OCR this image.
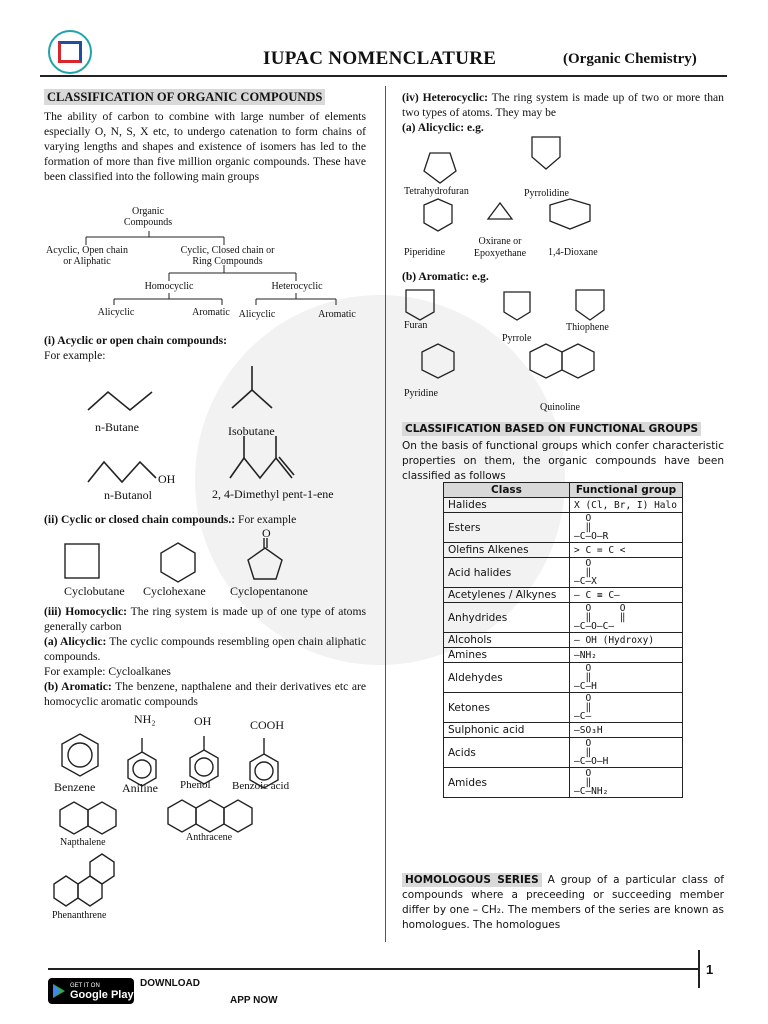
IUPAC NOMENCLATURE	(Organic Chemistry)
CLASSIFICATION OF ORGANIC COMPOUNDS

The ability of carbon to combine with large number of elements especially O, N, S, X etc, to undergo catenation to form chains of varying lengths and shapes and existence of isomers has led to the formation of more than five million organic compounds. These have been classified into the following main groups

Organic Compounds
Acyclic, Open chain or Aliphatic
Cyclic, Closed chain or Ring Compounds
Homocyclic	Heterocyclic
Alicyclic	Aromatic Alicyclic	Aromatic
(i) Acyclic or open chain compounds:
For example:
n-Butane	Isobutane
OH
n-Butanol	2, 4-Dimethyl pent-1-ene
(ii) Cyclic or closed chain compounds.: For example
O
Cyclobutane Cyclohexane Cyclopentanone

(iii) Homocyclic: The ring system is made up of one type of atoms generally carbon

(a) Alicyclic: The cyclic compounds resembling open chain aliphatic compounds.

For example: Cycloalkanes

(b) Aromatic: The benzene, napthalene and their derivatives etc are homocyclic aromatic compounds

NH₂	OH	COOH
Benzene Aniline Phenol Benzoic acid
Napthalene	Anthracene
Phenanthrene

(iv) Heterocyclic: The ring system is made up of two or more than two types of atoms. They may be

(a) Alicyclic: e.g.

Tetrahydrofuran	Pyrrolidine
Piperidine
Oxirane or Epoxyethane	1,4-Dioxane
(b) Aromatic: e.g.
Furan
Pyrrole
Thiophene
Pyridine
Quinoline
CLASSIFICATION BASED ON FUNCTIONAL GROUPS

On the basis of functional groups which confer characteristic properties on them, the organic compounds have been classified as follows

Class	Functional group
Halides	X (Cl, Br, I) Halo
Esters	O
‖
—C—O—R
Olefins Alkenes	> C = C <
Acid halides	O
‖
—C—X
Acetylenes / Alkynes	— C ≡ C—
Anhydrides	O     O
‖     ‖
—C—O—C—
Alcohols	— OH (Hydroxy)
Amines	—NH₂
Aldehydes	O
‖
—C—H
Ketones	O
‖
—C—
Sulphonic acid	—SO₃H
Acids	O
‖
—C—O—H
Amides	O
‖
—C—NH₂

HOMOLOGOUS SERIES A group of a particular class of compounds where a preceeding or succeeding member differ by one – CH₂. The members of the series are known as homologues. The homologues

1
GET IT ON
Google Play
DOWNLOAD
APP NOW
